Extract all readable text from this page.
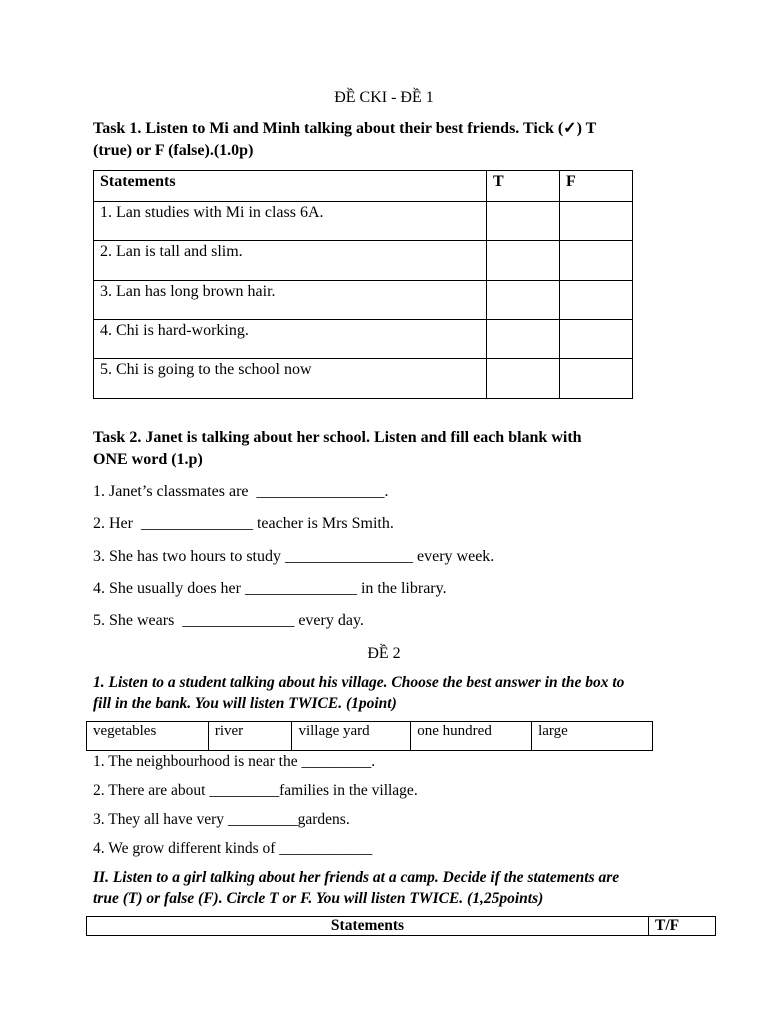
ĐỀ CKI - ĐỀ 1
Task 1. Listen to Mi and Minh talking about their best friends. Tick (✓) T
(true) or F (false).(1.0p)
Statements	T	F
1. Lan studies with Mi in class 6A.		
2. Lan is tall and slim.		
3. Lan has long brown hair.		
4. Chi is hard-working.		
5. Chi is going to the school now		
Task 2. Janet is talking about her school. Listen and fill each blank with
ONE word (1.p)
1. Janet’s classmates are  ________________.
2. Her  ______________ teacher is Mrs Smith.
3. She has two hours to study ________________ every week.
4. She usually does her ______________ in the library.
5. She wears  ______________ every day.
ĐỀ 2
1. Listen to a student talking about his village. Choose the best answer in the box to
fill in the bank. You will listen TWICE. (1point)
vegetables	river	village yard	one hundred	large
1. The neighbourhood is near the _________.
2. There are about _________families in the village.
3. They all have very _________gardens.
4. We grow different kinds of ____________
II. Listen to a girl talking about her friends at a camp. Decide if the statements are
true (T) or false (F). Circle T or F. You will listen TWICE. (1,25points)
Statements	T/F
